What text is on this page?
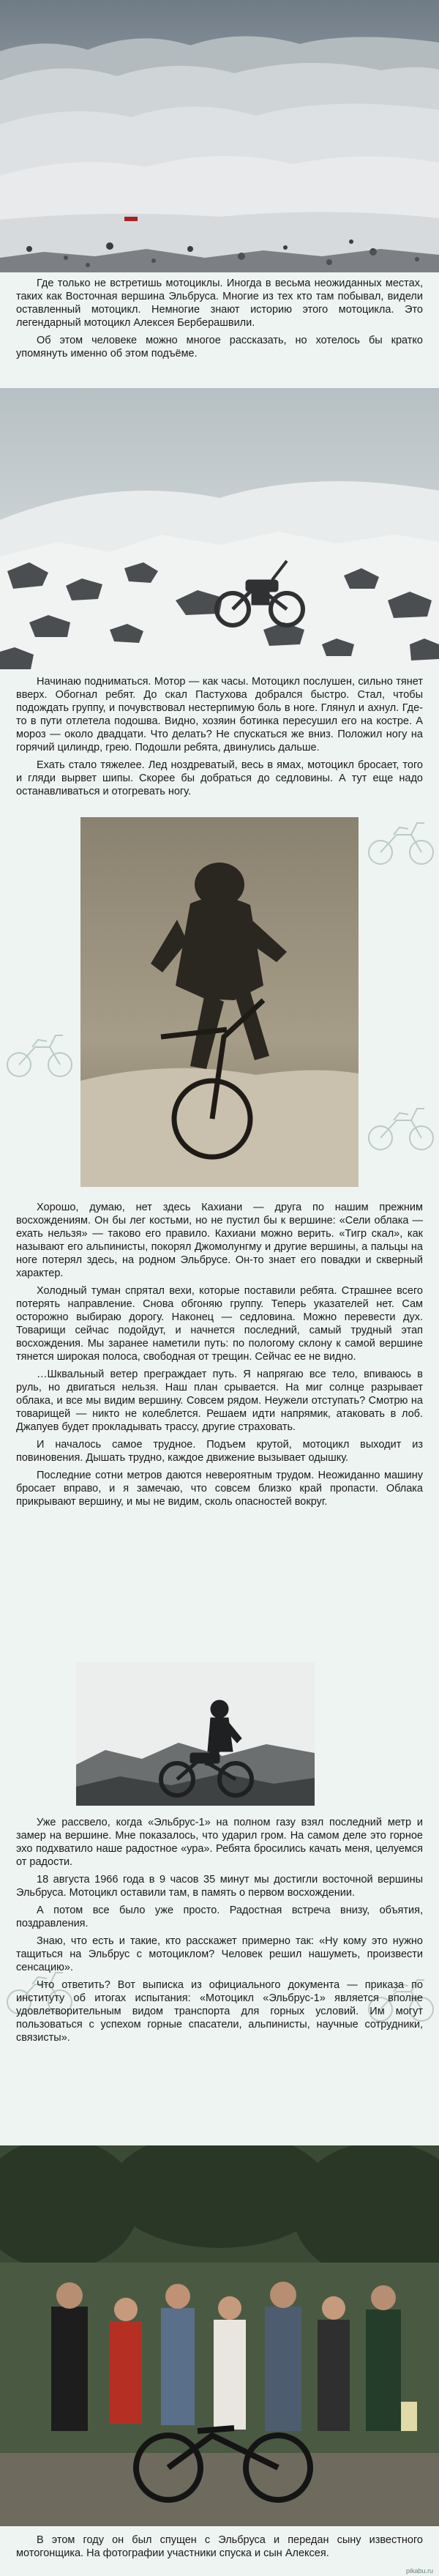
Где только не встретишь мотоциклы. Иногда в весьма неожиданных местах, таких как Восточная вершина Эльбруса. Многие из тех кто там побывал, видели оставленный мотоцикл. Немногие знают историю этого мотоцикла. Это легендарный мотоцикл Алексея Берберашвили.

Об этом человеке можно многое рассказать, но хотелось бы кратко упомянуть именно об этом подъёме.

Начинаю подниматься. Мотор — как часы. Мотоцикл послушен, сильно тянет вверх. Обогнал ребят. До скал Пастухова добрался быстро. Стал, чтобы подождать группу, и почувствовал нестерпимую боль в ноге. Глянул и ахнул. Где-то в пути отлетела подошва. Видно, хозяин ботинка пересушил его на костре. А мороз — около двадцати. Что делать? Не спускаться же вниз. Положил ногу на горячий цилиндр, грею. Подошли ребята, двинулись дальше.

Ехать стало тяжелее. Лед ноздреватый, весь в ямах, мотоцикл бросает, того и гляди вырвет шипы. Скорее бы добраться до седловины. А тут еще надо останавливаться и отогревать ногу.

Хорошо, думаю, нет здесь Кахиани — друга по нашим прежним восхождениям. Он бы лег костьми, но не пустил бы к вершине: «Сели облака — ехать нельзя» — таково его правило. Кахиани можно верить. «Тигр скал», как называют его альпинисты, покорял Джомолунгму и другие вершины, а пальцы на ноге потерял здесь, на родном Эльбрусе. Он-то знает его повадки и скверный характер.

Холодный туман спрятал вехи, которые поставили ребята. Страшнее всего потерять направление. Снова обгоняю группу. Теперь указателей нет. Сам осторожно выбираю дорогу. Наконец — седловина. Можно перевести дух. Товарищи сейчас подойдут, и начнется последний, самый трудный этап восхождения. Мы заранее наметили путь: по пологому склону к самой вершине тянется широкая полоса, свободная от трещин. Сейчас ее не видно.

…Шквальный ветер преграждает путь. Я напрягаю все тело, впиваюсь в руль, но двигаться нельзя. Наш план срывается. На миг солнце разрывает облака, и все мы видим вершину. Совсем рядом. Неужели отступать? Смотрю на товарищей — никто не колеблется. Решаем идти напрямик, атаковать в лоб. Джапуев будет прокладывать трассу, другие страховать.

И началось самое трудное. Подъем крутой, мотоцикл выходит из повиновения. Дышать трудно, каждое движение вызывает одышку.

Последние сотни метров даются невероятным трудом. Неожиданно машину бросает вправо, и я замечаю, что совсем близко край пропасти. Облака прикрывают вершину, и мы не видим, сколь опасностей вокруг.

Уже рассвело, когда «Эльбрус-1» на полном газу взял последний метр и замер на вершине. Мне показалось, что ударил гром. На самом деле это горное эхо подхватило наше радостное «ура». Ребята бросились качать меня, целуемся от радости.

18 августа 1966 года в 9 часов 35 минут мы достигли восточной вершины Эльбруса. Мотоцикл оставили там, в память о первом восхождении.

А потом все было уже просто. Радостная встреча внизу, объятия, поздравления.

Знаю, что есть и такие, кто расскажет примерно так: «Ну кому это нужно тащиться на Эльбрус с мотоциклом? Человек решил нашуметь, произвести сенсацию».

Что ответить? Вот выписка из официального документа — приказа по институту об итогах испытания: «Мотоцикл «Эльбрус-1» является вполне удовлетворительным видом транспорта для горных условий. Им могут пользоваться с успехом горные спасатели, альпинисты, научные сотрудники, связисты».

В этом году он был спущен с Эльбруса и передан сыну известного мотогонщика. На фотографии участники спуска и сын Алексея.

pikabu.ru
